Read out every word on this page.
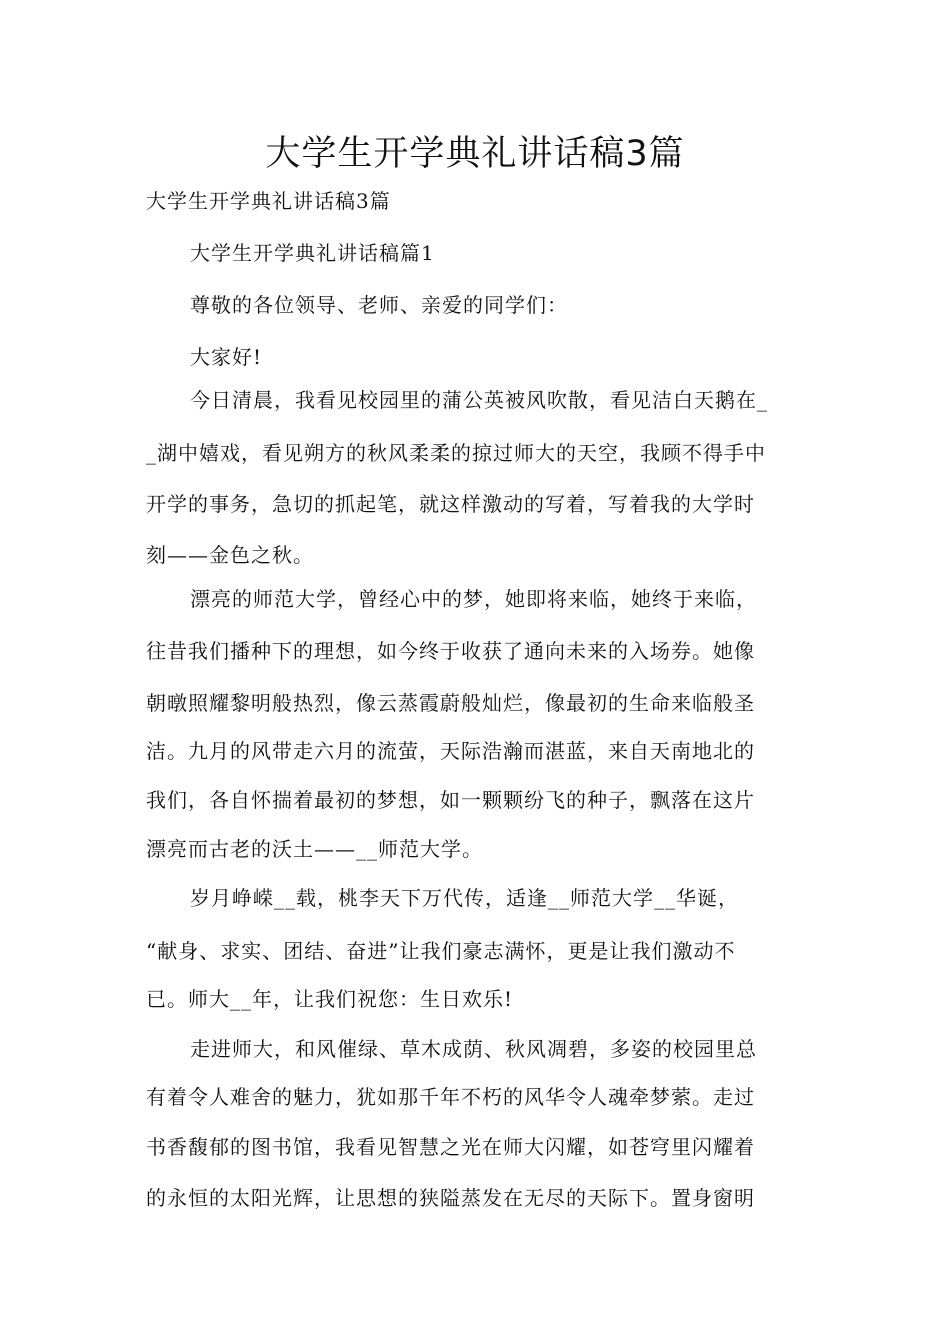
大学生开学典礼讲话稿3篇
大学生开学典礼讲话稿3篇
大学生开学典礼讲话稿篇1
尊敬的各位领导、老师、亲爱的同学们：
大家好!
今日清晨，我看见校园里的蒲公英被风吹散，看见洁白天鹅在_
_湖中嬉戏，看见朔方的秋风柔柔的掠过师大的天空，我顾不得手中
开学的事务，急切的抓起笔，就这样激动的写着，写着我的大学时
刻——金色之秋。
漂亮的师范大学，曾经心中的梦，她即将来临，她终于来临，
往昔我们播种下的理想，如今终于收获了通向未来的入场券。她像
朝暾照耀黎明般热烈，像云蒸霞蔚般灿烂，像最初的生命来临般圣
洁。九月的风带走六月的流萤，天际浩瀚而湛蓝，来自天南地北的
我们，各自怀揣着最初的梦想，如一颗颗纷飞的种子，飘落在这片
漂亮而古老的沃土——__师范大学。
岁月峥嵘__载，桃李天下万代传，适逢__师范大学__华诞，
“献身、求实、团结、奋进”让我们豪志满怀，更是让我们激动不
已。师大__年，让我们祝您：生日欢乐!
走进师大，和风催绿、草木成荫、秋风凋碧，多姿的校园里总
有着令人难舍的魅力，犹如那千年不朽的风华令人魂牵梦萦。走过
书香馥郁的图书馆，我看见智慧之光在师大闪耀，如苍穹里闪耀着
的永恒的太阳光辉，让思想的狭隘蒸发在无尽的天际下。置身窗明
